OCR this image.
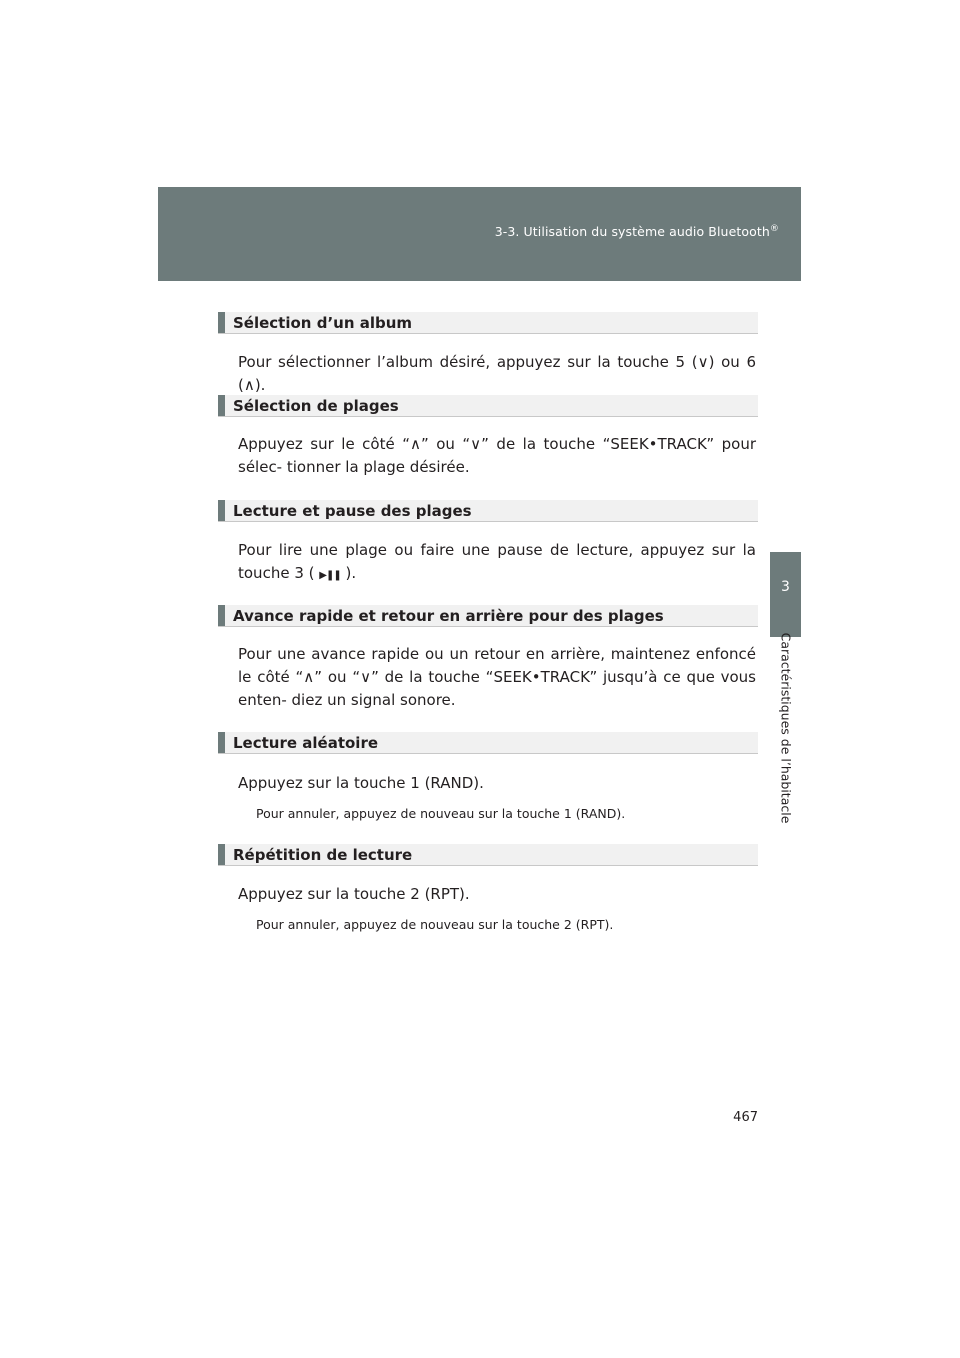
3-3. Utilisation du système audio Bluetooth®
3
Caractéristiques de l’habitacle
Sélection d’un album
Pour sélectionner l’album désiré, appuyez sur la touche 5 (∨) ou 6 (∧).
Sélection de plages
Appuyez sur le côté “∧” ou “∨” de la touche “SEEK•TRACK” pour sélec- tionner la plage désirée.
Lecture et pause des plages
Pour lire une plage ou faire une pause de lecture, appuyez sur la touche 3 ( ▶❚❚ ).
Avance rapide et retour en arrière pour des plages
Pour une avance rapide ou un retour en arrière, maintenez enfoncé le côté “∧” ou “∨” de la touche “SEEK•TRACK” jusqu’à ce que vous enten- diez un signal sonore.
Lecture aléatoire
Appuyez sur la touche 1 (RAND).
Pour annuler, appuyez de nouveau sur la touche 1 (RAND).
Répétition de lecture
Appuyez sur la touche 2 (RPT).
Pour annuler, appuyez de nouveau sur la touche 2 (RPT).
467
